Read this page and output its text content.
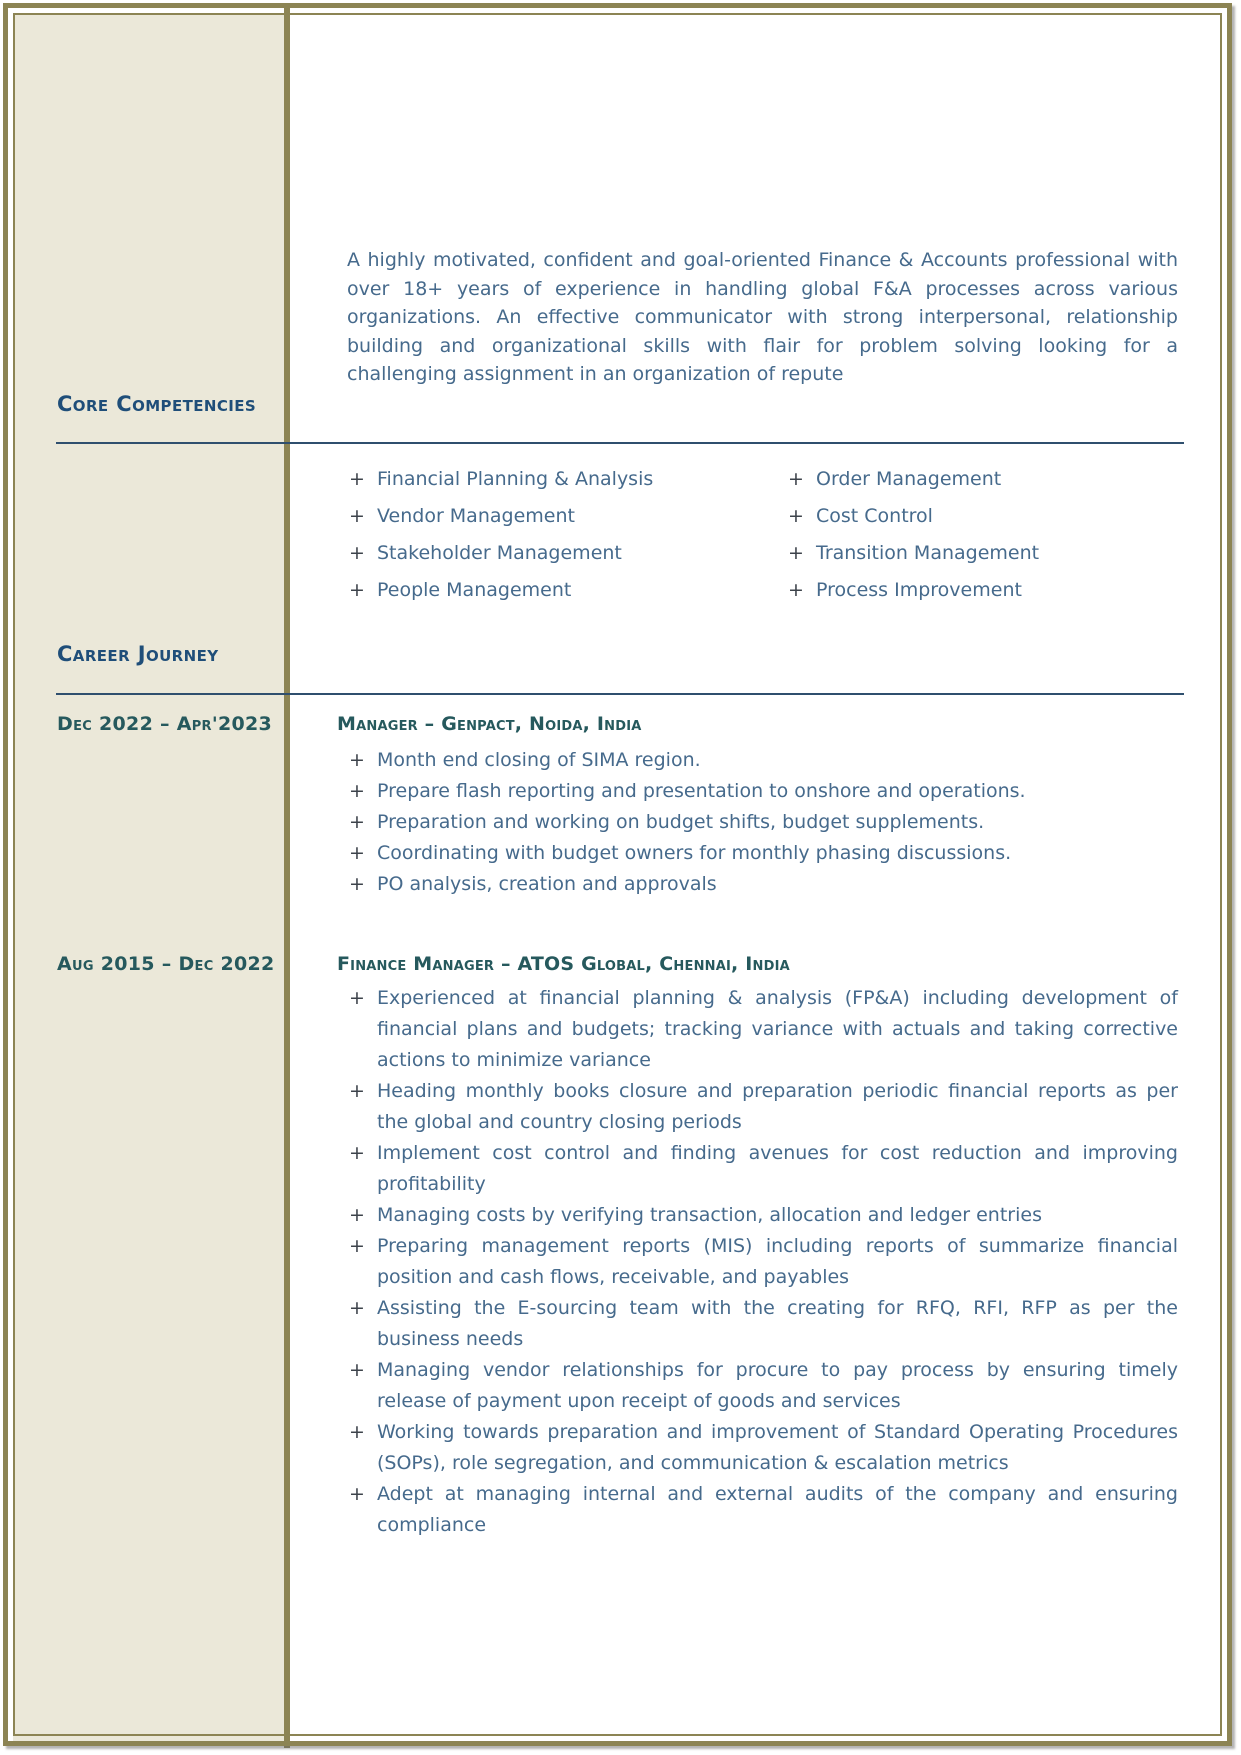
A highly motivated, confident and goal-oriented Finance & Accounts professional with over 18+ years of experience in handling global F&A processes across various organizations. An effective communicator with strong interpersonal, relationship building and organizational skills with flair for problem solving looking for a challenging assignment in an organization of repute

Core Competencies
+ Financial Planning & Analysis
+ Vendor Management
+ Stakeholder Management
+ People Management
+ Order Management
+ Cost Control
+ Transition Management
+ Process Improvement
Career Journey
Dec 2022 – Apr'2023	Manager – Genpact, Noida, India
+ Month end closing of SIMA region.
+ Prepare flash reporting and presentation to onshore and operations.
+ Preparation and working on budget shifts, budget supplements.
+ Coordinating with budget owners for monthly phasing discussions.
+ PO analysis, creation and approvals
Aug 2015 – Dec 2022	Finance Manager – ATOS Global, Chennai, India
+ Experienced at financial planning & analysis (FP&A) including development of financial plans and budgets; tracking variance with actuals and taking corrective actions to minimize variance
+ Heading monthly books closure and preparation periodic financial reports as per the global and country closing periods
+ Implement cost control and finding avenues for cost reduction and improving profitability
+ Managing costs by verifying transaction, allocation and ledger entries
+ Preparing management reports (MIS) including reports of summarize financial position and cash flows, receivable, and payables
+ Assisting the E-sourcing team with the creating for RFQ, RFI, RFP as per the business needs
+ Managing vendor relationships for procure to pay process by ensuring timely release of payment upon receipt of goods and services
+ Working towards preparation and improvement of Standard Operating Procedures (SOPs), role segregation, and communication & escalation metrics
+ Adept at managing internal and external audits of the company and ensuring compliance
